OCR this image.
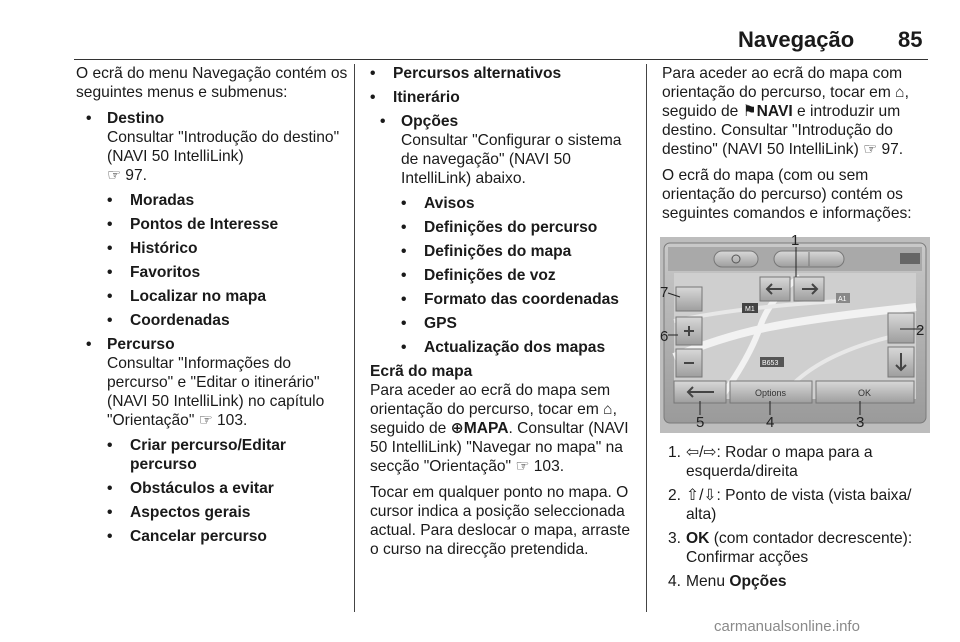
Navegação 85

O ecrã do menu Navegação contém os seguintes menus e submenus:

• Destino
Consultar "Introdução do destino" (NAVI 50 IntelliLink)
☞ 97.
• Moradas
• Pontos de Interesse
• Histórico
• Favoritos
• Localizar no mapa
• Coordenadas
• Percurso
Consultar "Informações do percurso" e "Editar o itinerário" (NAVI 50 IntelliLink) no capítulo "Orientação" ☞ 103.
• Criar percurso/Editar percurso
• Obstáculos a evitar
• Aspectos gerais
• Cancelar percurso
• Percursos alternativos
• Itinerário
• Opções
Consultar "Configurar o sistema de navegação" (NAVI 50 IntelliLink) abaixo.
• Avisos
• Definições do percurso
• Definições do mapa
• Definições de voz
• Formato das coordenadas
• GPS
• Actualização dos mapas
Ecrã do mapa

Para aceder ao ecrã do mapa sem orientação do percurso, tocar em ⌂, seguido de ⊕MAPA. Consultar (NAVI 50 IntelliLink) "Navegar no mapa" na secção "Orientação" ☞ 103.

Tocar em qualquer ponto no mapa. O cursor indica a posição seleccionada actual. Para deslocar o mapa, arraste o curso na direcção pretendida.

Para aceder ao ecrã do mapa com orientação do percurso, tocar em ⌂, seguido de ⚑NAVI e introduzir um destino. Consultar "Introdução do destino" (NAVI 50 IntelliLink) ☞ 97.

O ecrã do mapa (com ou sem orientação do percurso) contém os seguintes comandos e informações:

M1
A1
B653
Options	OK
1
2
3
4
5
6
7
1. ⇦/⇨: Rodar o mapa para a esquerda/direita
2. ⇧/⇩: Ponto de vista (vista baixa/ alta)
3. OK (com contador decrescente): Confirmar acções
4. Menu Opções
carmanualsonline.info
